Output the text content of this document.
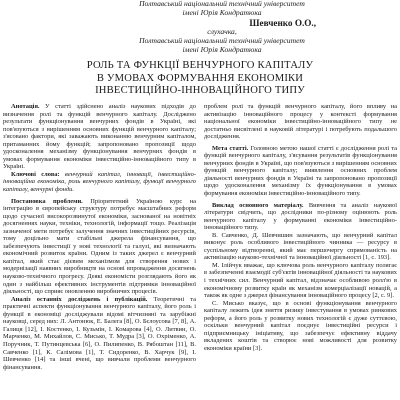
Полтавський національний технічний університет
імені Юрія Кондратюка
Шевченко О.О.,
слухачка,
Полтавський національний технічний університет
імені Юрія Кондратюка
РОЛЬ ТА ФУНКЦІЇ ВЕНЧУРНОГО КАПІТАЛУ
В УМОВАХ ФОРМУВАННЯ ЕКОНОМІКИ
ІНВЕСТИЦІЙНО-ІННОВАЦІЙНОГО ТИПУ

Анотація. У статті здійснено аналіз наукових підходів до визначення ролі та функцій венчурного капіталу. Досліджено результати функціонування венчурних фондів в Україні, які пов'язуються з вирішенням основних функцій венчурного капіталу; з'ясовано фактори, які заважають виконанню венчурним капіталом, притаманних йому функцій; запропоновано пропозиції щодо удосконалення механізму функціонування венчурних фондів в умовах формування економіки інвестиційно-інноваційного типу в Україні.

Ключові слова: венчурний капітал, інновації, інвестиційно-інноваційна економіка, роль венчурного капіталу, функції венчурного капіталу, венчурні фонди.

Постановка проблеми. Пріоритетний Україною курс на інтеграцію в європейську структуру потребує масштабних реформ щодо сучасної високорозвинутої економіки, заснованої на новітніх досягненнях науки, техніки, технологій, інформації тощо. Реалізація зазначеної мети потребує залучення значних інвестиційних ресурсів, тому доцільно мати стабільні джерела фінансування, що забезпечують інвестиції у нові технології та галузі, які визначають економічний розвиток країни. Одним із таких джерел є венчурний капітал, який стає дієвим механізмом для створення нових і модернізації наявних виробництв на основі впровадження досягнень науково-технічного прогресу. Деякі економісти розглядають його як один з найбільш ефективних інструментів підтримки інноваційної діяльності, що сприяє оновленню виробничих процесів.

Аналіз останніх досліджень і публікацій. Теоретичні та практичні аспекти функціонування венчурного капіталу, його роль і функції в економіці досліджували відомі вітчизняні та зарубіжні науковці, серед них: Л. Антонюк, Е. Балега [8], О. Бєлоусова [7, 8], А. Галиця [12], І. Костенко, І. Кузьмін, І. Комарова [4], О. Литвин, О. Марченко, М. Михайлов, С. Мисько, Т. Мудра [3], О. Охріменко, А. Поручник, Т. Путинцевська [6], О. Пилипенко, В. Рябоштан [11], В. Савченко [1], К. Салімова [1], Т. Сидоренко, В. Харчук [9], І. Шевченко [14] та інші вчені, що вивчали проблеми венчурного фінансування.

проблем ролі та функцій венчурного капіталу, його впливу на активізацію інноваційного процесу у контексті формування національної економіки інвестиційно-інноваційного типу не достатньо висвітлені в науковій літературі і потребують подальшого дослідження.

Мета статті. Головною метою нашої статті є дослідження ролі та функцій венчурного капіталу, з'ясування результатів функціонування венчурних фондів в Україні, що пов'язуються з вирішенням основних функцій венчурного капіталу; виявлення основних проблем діяльності венчурних фондів в Україні та запропоновано пропозиції щодо удосконалення механізму їх функціонування в умовах формування економіки інвестиційно-інноваційного типу.

Виклад основного матеріалу. Вивчення та аналіз наукової літератури свідчить, що дослідники по-різному оцінюють роль венчурного капіталу у формуванні економіки інвестиційно-інноваційного типу.

В. Савченко, Д. Шевчишин зазначають, що венчурний капітал виконує роль особливого інвестиційного чинника — ресурсу в суспільному відтворенні, який має першочергу спрямованість на активізацію науково-технічної та інноваційної діяльності [1, с. 193].

М. Ілійчук вважає, що ключова роль венчурного капіталу полягає в забезпеченні взаємодії суб'єктів інноваційної діяльності та наукових і технічних сил. Венчурний капітал, відзначає особливою ролл'ю в економічному розвитку країн як механізм комерціалізації новацій, а також як одне з джерел фінансування інноваційного процесу [2, с. 9].

С. Мисько вказує, що в основі функціонування венчурного капіталу лежить ідея зняття ризику інвестування в умовах ринкових реформ, а його роль у розвитку нових технологій є дуже суттєвою, оскільки венчурний капітал поєднує інвестиційні ресурси і підприємницьку ініціативу, що забезпечує ефективну віддачу вкладених коштів та створює нові можливості для розвитку економіки країни [3].
